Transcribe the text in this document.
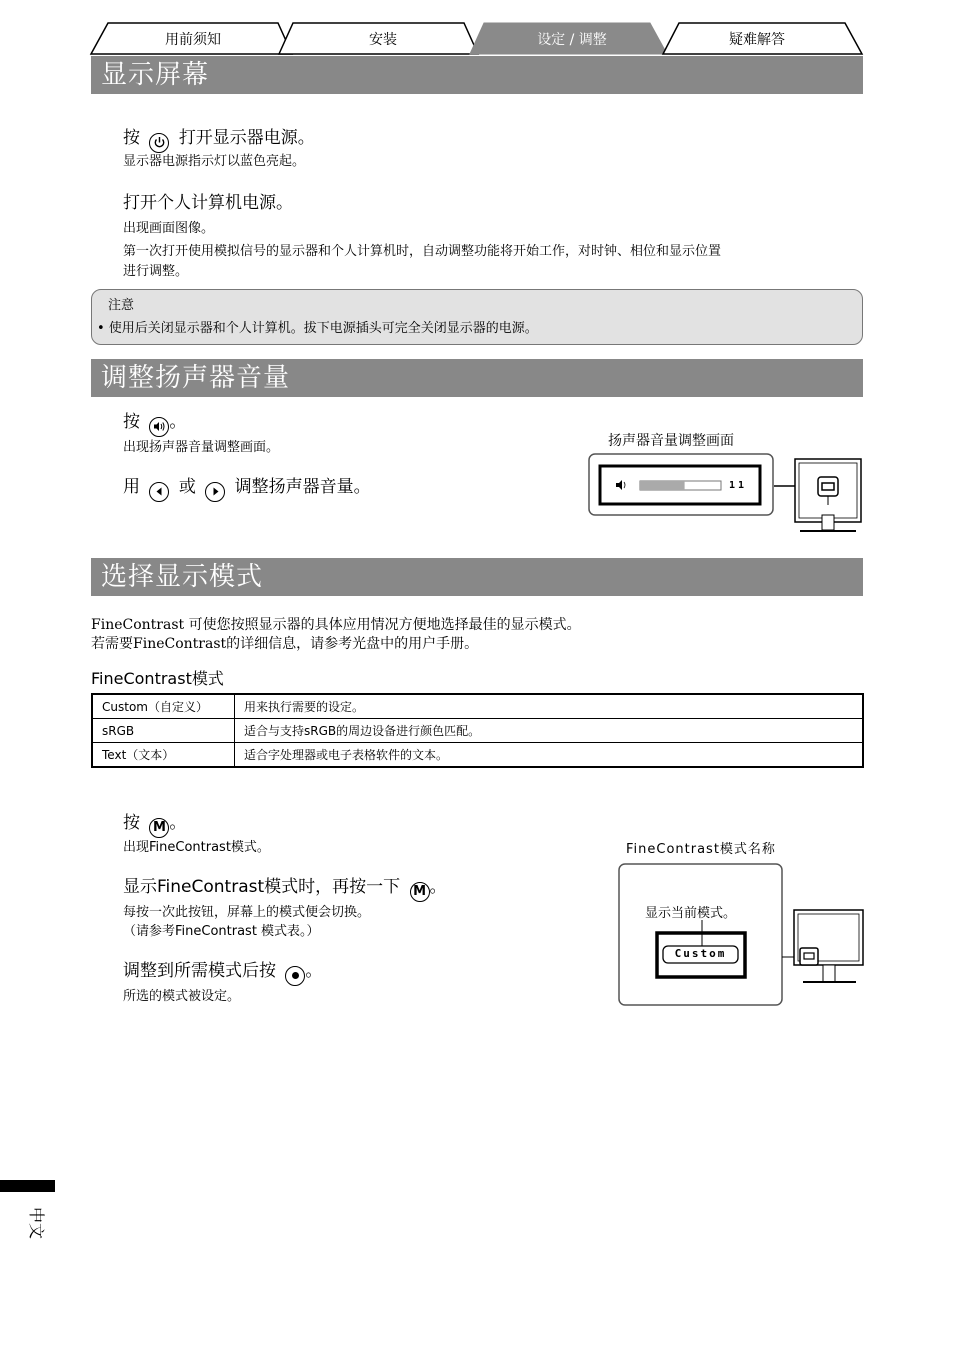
用前须知	安装	设定 / 调整	疑难解答
显示屏幕
按 打开显示器电源。
显示器电源指示灯以蓝色亮起。
打开个人计算机电源。
出现画面图像。
第一次打开使用模拟信号的显示器和个人计算机时，自动调整功能将开始工作，对时钟、相位和显示位置
进行调整。
注意
• 使用后关闭显示器和个人计算机。拔下电源插头可完全关闭显示器的电源。
调整扬声器音量
按 。
出现扬声器音量调整画面。
用 或 调整扬声器音量。
扬声器音量调整画面
11
选择显示模式
FineContrast 可使您按照显示器的具体应用情况方便地选择最佳的显示模式。
若需要FineContrast的详细信息，请参考光盘中的用户手册。
FineContrast模式
Custom（自定义）	用来执行需要的设定。
sRGB	适合与支持sRGB的周边设备进行颜色匹配。
Text（文本）	适合字处理器或电子表格软件的文本。
按 M 。
出现FineContrast模式。
显示FineContrast模式时，再按一下 M 。
每按一次此按钮，屏幕上的模式便会切换。
（请参考FineContrast 模式表。）
调整到所需模式后按 。
所选的模式被设定。
FineContrast模式名称
显示当前模式。
Custom
中文
